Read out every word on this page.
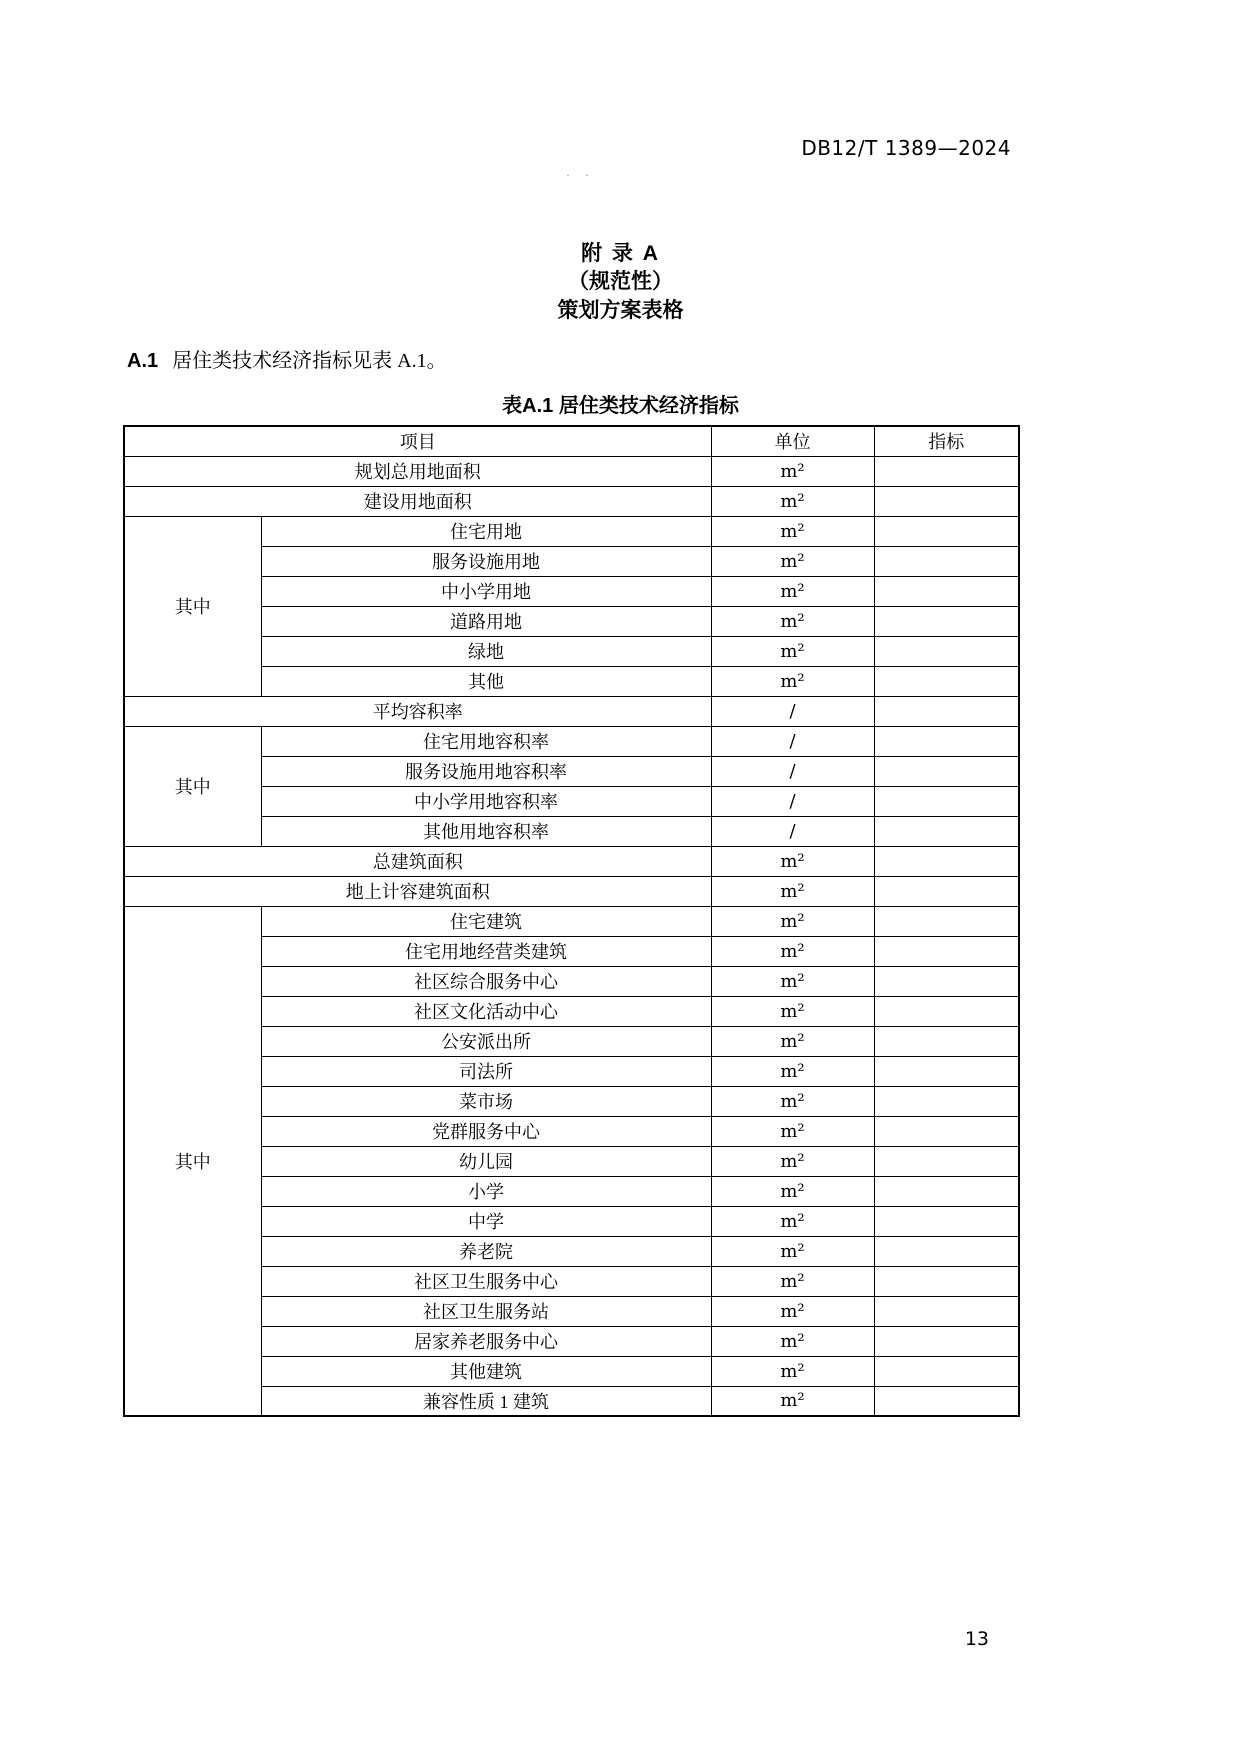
DB12/T 1389—2024
· ·
附 录 A
（规范性）
策划方案表格
A.1 居住类技术经济指标见表 A.1。
表A.1 居住类技术经济指标
项目		单位	指标
规划总用地面积		m²	
建设用地面积		m²	
其中	住宅用地	m²	
	服务设施用地	m²	
	中小学用地	m²	
	道路用地	m²	
	绿地	m²	
	其他	m²	
平均容积率		/	
其中	住宅用地容积率	/	
	服务设施用地容积率	/	
	中小学用地容积率	/	
	其他用地容积率	/	
总建筑面积		m²	
地上计容建筑面积		m²	
其中	住宅建筑	m²	
	住宅用地经营类建筑	m²	
	社区综合服务中心	m²	
	社区文化活动中心	m²	
	公安派出所	m²	
	司法所	m²	
	菜市场	m²	
	党群服务中心	m²	
	幼儿园	m²	
	小学	m²	
	中学	m²	
	养老院	m²	
	社区卫生服务中心	m²	
	社区卫生服务站	m²	
	居家养老服务中心	m²	
	其他建筑	m²	
	兼容性质 1 建筑	m²	
13
